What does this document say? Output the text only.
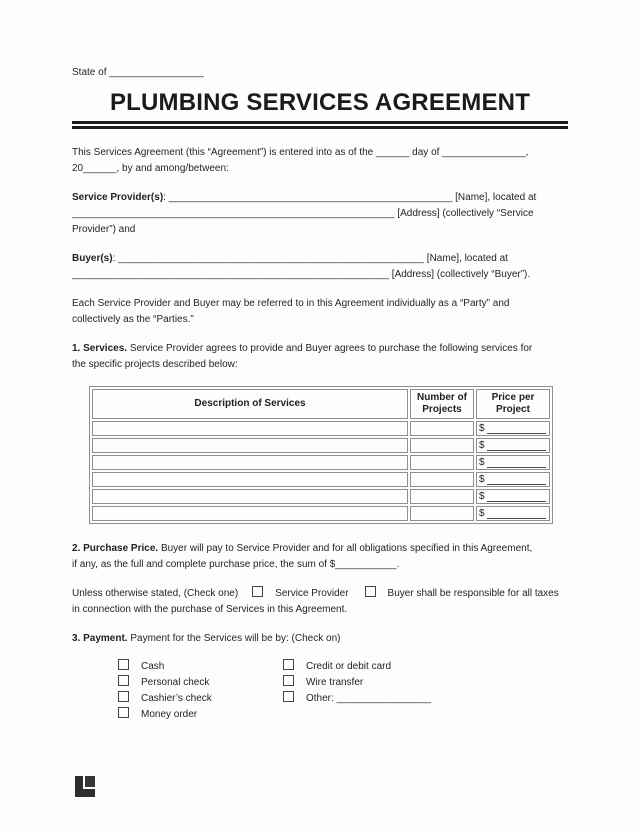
State of _________________

PLUMBING SERVICES AGREEMENT

This Services Agreement (this “Agreement”) is entered into as of the ______ day of _______________,
20______, by and among/between:

Service Provider(s): ___________________________________________________ [Name], located at
__________________________________________________________ [Address] (collectively “Service
Provider”) and

Buyer(s): _______________________________________________________ [Name], located at
_________________________________________________________ [Address] (collectively “Buyer”).

Each Service Provider and Buyer may be referred to in this Agreement individually as a “Party” and
collectively as the “Parties.”

1. Services. Service Provider agrees to provide and Buyer agrees to purchase the following services for
the specific projects described below:

Description of Services	Number of Projects	Price per Project

		$

		$

		$

		$

		$

		$

2. Purchase Price. Buyer will pay to Service Provider and for all obligations specified in this Agreement,
if any, as the full and complete purchase price, the sum of $___________.

Unless otherwise stated, (Check one)	Service Provider	Buyer shall be responsible for all taxes
in connection with the purchase of Services in this Agreement.

3. Payment. Payment for the Services will be by: (Check on)

Cash
Personal check
Cashier’s check
Money order
Credit or debit card
Wire transfer
Other: _________________
